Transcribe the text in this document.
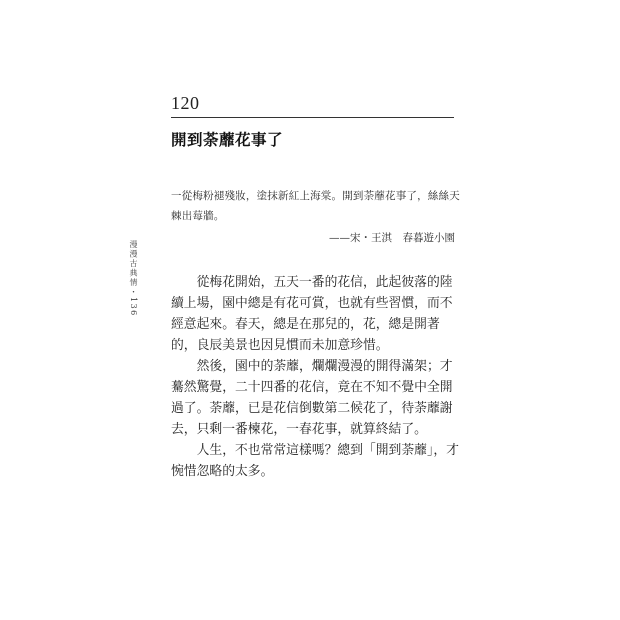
120
開到荼蘼花事了

一從梅粉褪殘妝，塗抹新紅上海棠。開到荼蘼花事了，絲絲天

棘出莓牆。

——宋・王淇　春暮遊小園
漫漫古典情・136	從梅花開始，五天一番的花信，此起彼落的陸續上場，園中總是有花可賞，也就有些習慣，而不經意起來。春天，總是在那兒的，花，總是開著的，良辰美景也因見慣而未加意珍惜。

然後，園中的荼蘼，爛爛漫漫的開得滿架；才驀然驚覺，二十四番的花信，竟在不知不覺中全開過了。荼蘼，已是花信倒數第二候花了，待荼蘼謝去，只剩一番楝花，一春花事，就算終結了。

人生，不也常常這樣嗎？總到「開到荼蘼」，才惋惜忽略的太多。
